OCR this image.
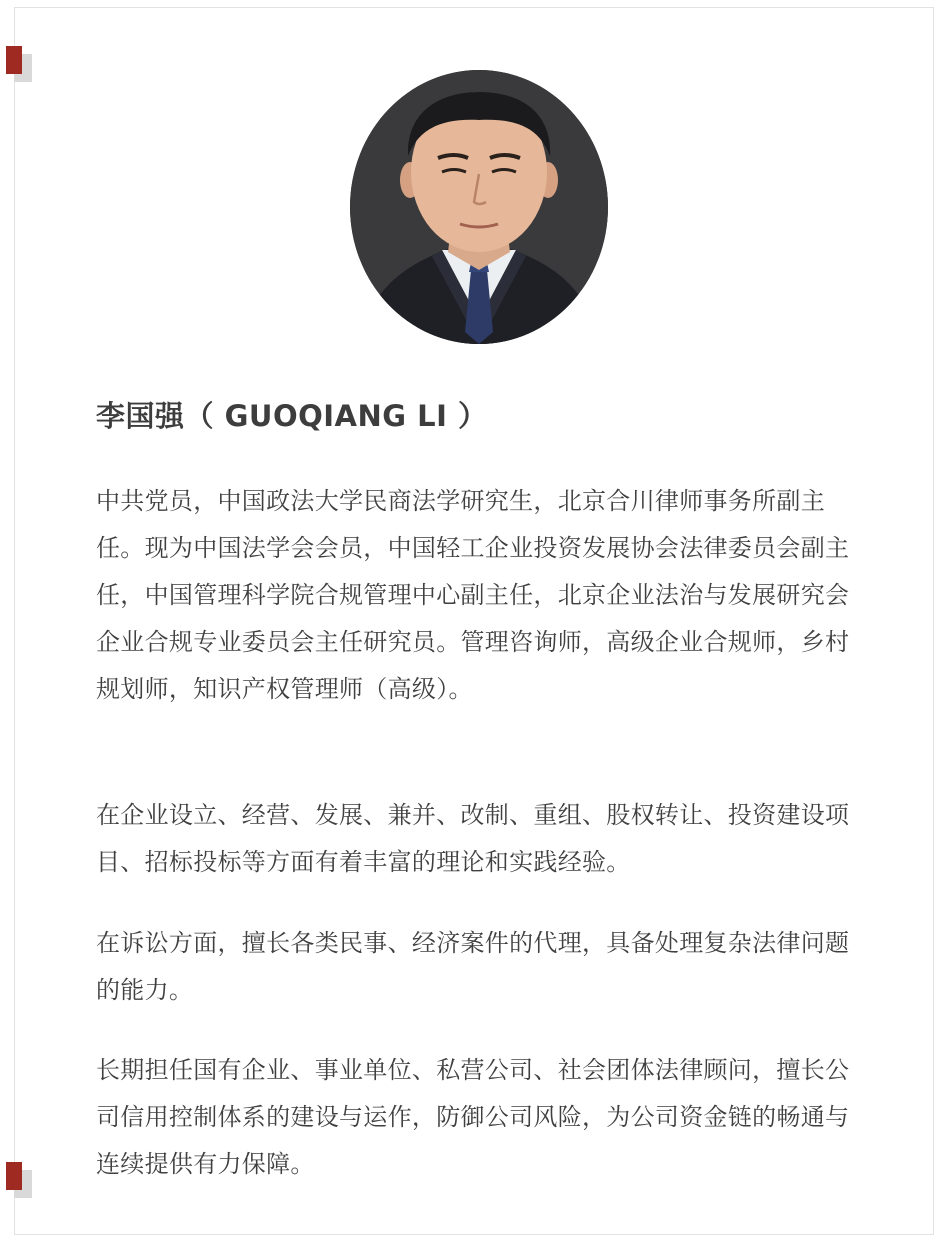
李国强（ GUOQIANG LI ）

中共党员，中国政法大学民商法学研究生，北京合川律师事务所副主任。现为中国法学会会员，中国轻工企业投资发展协会法律委员会副主任，中国管理科学院合规管理中心副主任，北京企业法治与发展研究会企业合规专业委员会主任研究员。管理咨询师，高级企业合规师，乡村规划师，知识产权管理师（高级）。

在企业设立、经营、发展、兼并、改制、重组、股权转让、投资建设项目、招标投标等方面有着丰富的理论和实践经验。

在诉讼方面，擅长各类民事、经济案件的代理，具备处理复杂法律问题的能力。

长期担任国有企业、事业单位、私营公司、社会团体法律顾问，擅长公司信用控制体系的建设与运作，防御公司风险，为公司资金链的畅通与连续提供有力保障。
